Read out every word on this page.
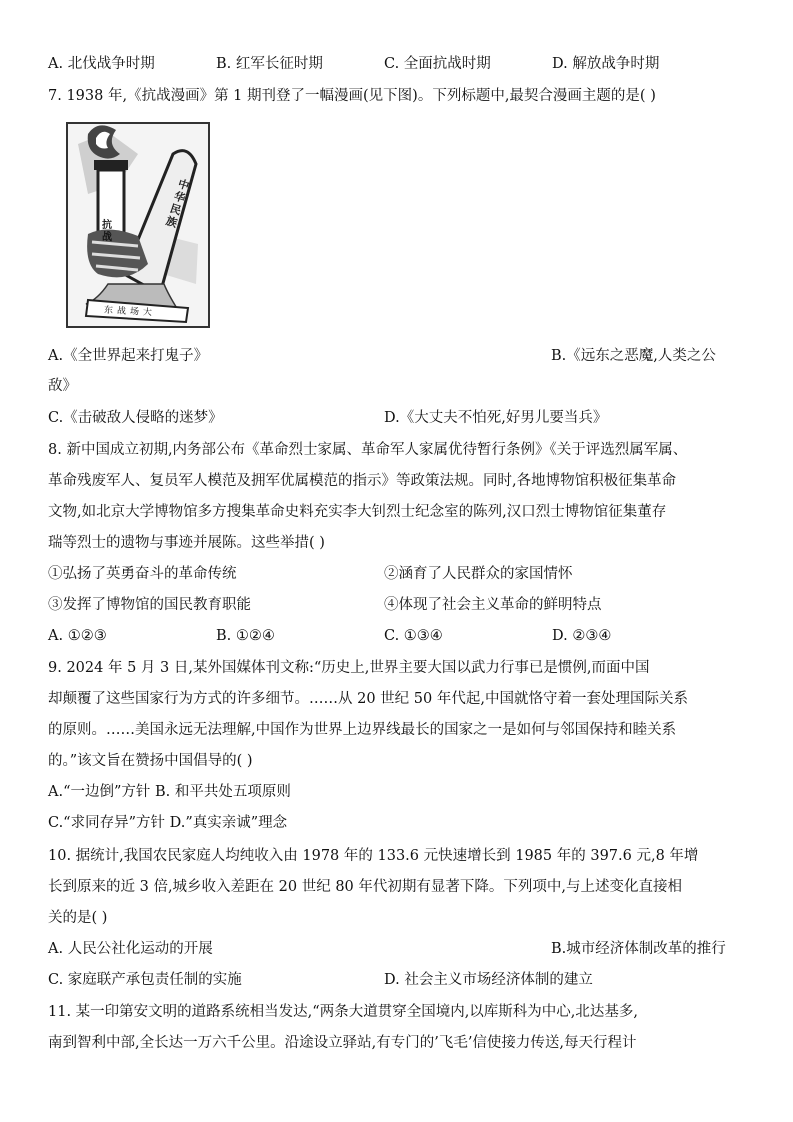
A. 北伐战争时期	B. 红军长征时期	C. 全面抗战时期	D. 解放战争时期
7. 1938 年,《抗战漫画》第 1 期刊登了一幅漫画(见下图)。下列标题中,最契合漫画主题的是( )
抗战
中华民族
东战场大
A.《全世界起来打鬼子》	B.《远东之恶魔,人类之公
敌》
C.《击破敌人侵略的迷梦》	D.《大丈夫不怕死,好男儿要当兵》
8. 新中国成立初期,内务部公布《革命烈士家属、革命军人家属优待暂行条例》《关于评选烈属军属、
革命残废军人、复员军人模范及拥军优属模范的指示》等政策法规。同时,各地博物馆积极征集革命
文物,如北京大学博物馆多方搜集革命史料充实李大钊烈士纪念室的陈列,汉口烈士博物馆征集董存
瑞等烈士的遗物与事迹并展陈。这些举措( )
①弘扬了英勇奋斗的革命传统	②涵育了人民群众的家国情怀
③发挥了博物馆的国民教育职能	④体现了社会主义革命的鲜明特点
A. ①②③	B. ①②④	C. ①③④	D. ②③④
9. 2024 年 5 月 3 日,某外国媒体刊文称:“历史上,世界主要大国以武力行事已是惯例,而面中国
却颠覆了这些国家行为方式的许多细节。……从 20 世纪 50 年代起,中国就恪守着一套处理国际关系
的原则。……美国永远无法理解,中国作为世界上边界线最长的国家之一是如何与邻国保持和睦关系
的。”该文旨在赞扬中国倡导的( )
A.“一边倒”方针 B. 和平共处五项原则
C.“求同存异”方针 D.”真实亲诚”理念
10. 据统计,我国农民家庭人均纯收入由 1978 年的 133.6 元快速增长到 1985 年的 397.6 元,8 年增
长到原来的近 3 倍,城乡收入差距在 20 世纪 80 年代初期有显著下降。下列项中,与上述变化直接相
关的是( )
A. 人民公社化运动的开展	B.城市经济体制改革的推行
C. 家庭联产承包责任制的实施	D. 社会主义市场经济体制的建立
11. 某一印第安文明的道路系统相当发达,“两条大道贯穿全国境内,以库斯科为中心,北达基多,
南到智利中部,全长达一万六千公里。沿途设立驿站,有专门的’飞毛’信使接力传送,每天行程计
